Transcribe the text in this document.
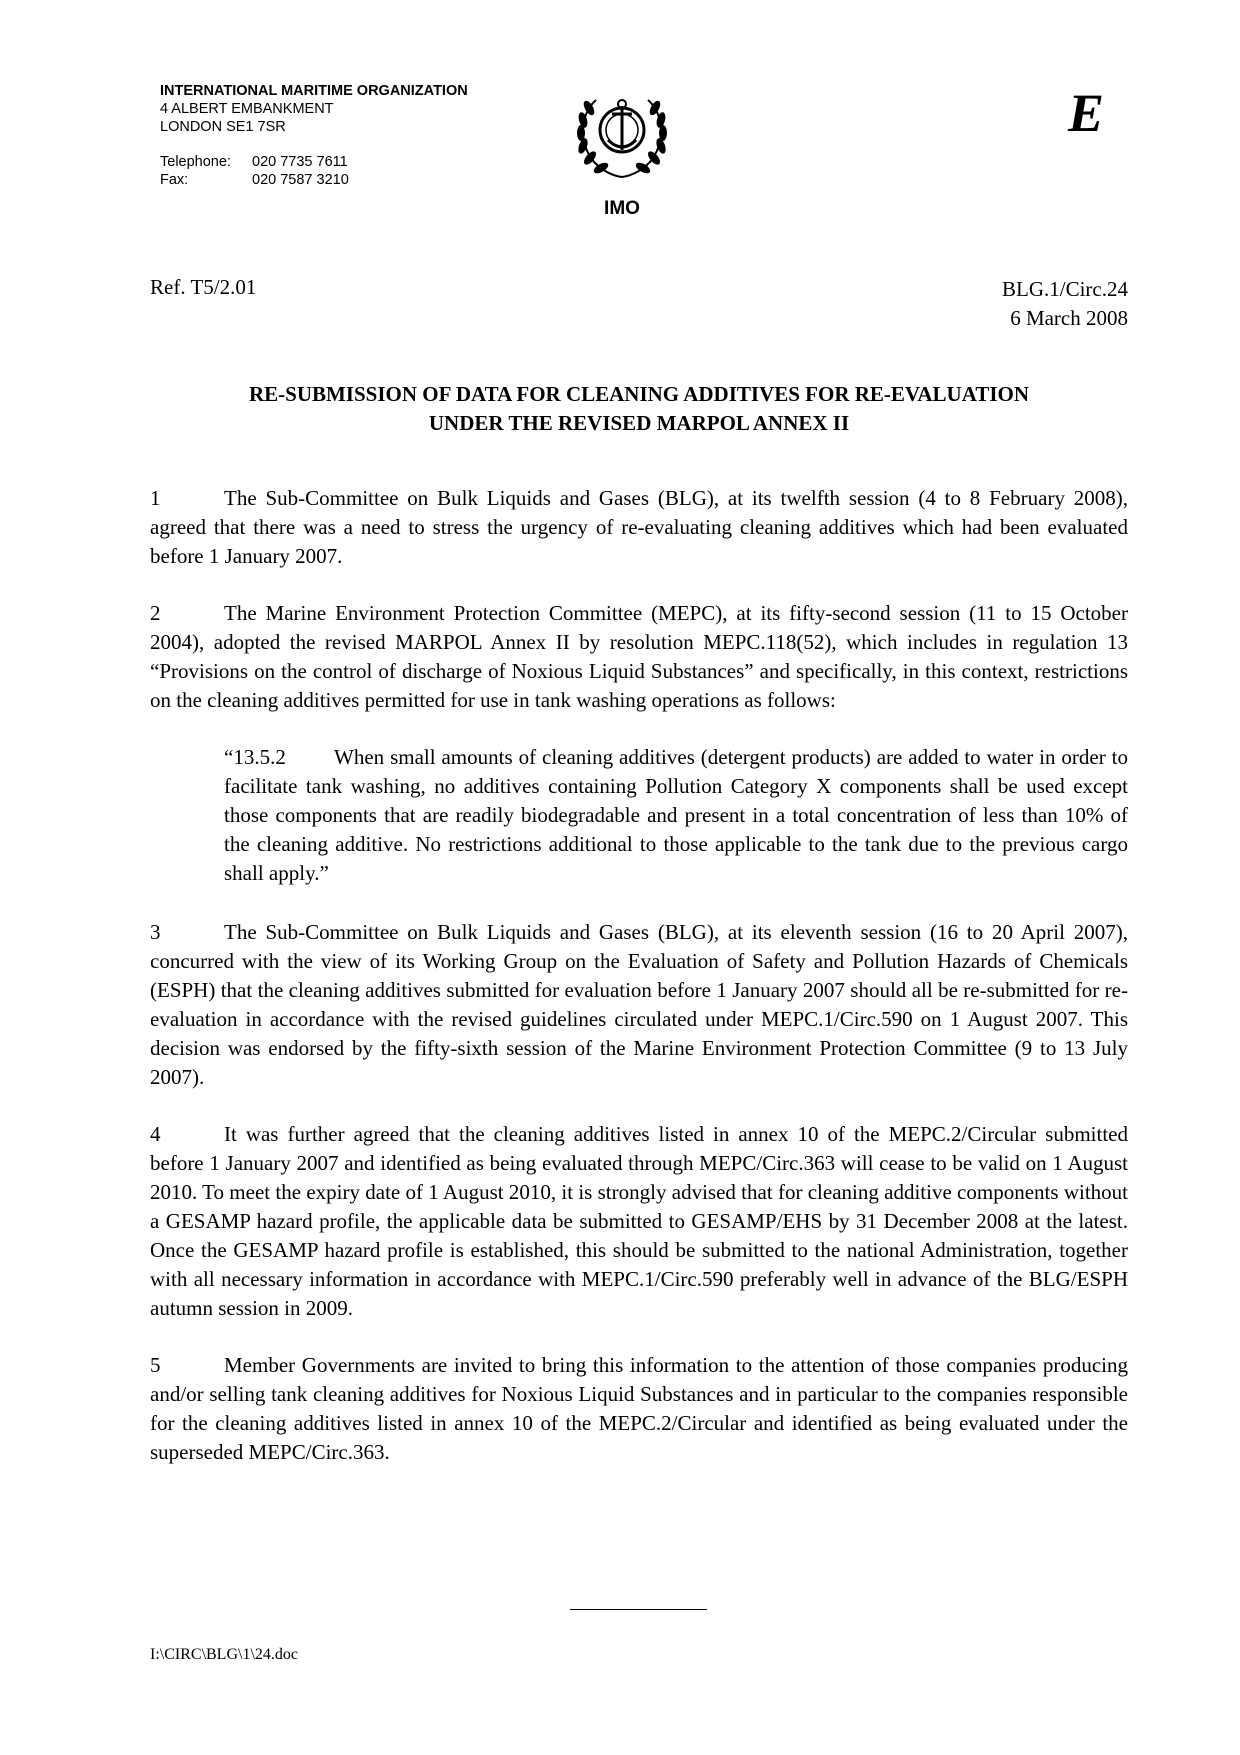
INTERNATIONAL MARITIME ORGANIZATION
4 ALBERT EMBANKMENT
LONDON SE1 7SR
Telephone:	020 7735 7611
Fax:	020 7587 3210
IMO
E
Ref. T5/2.01	BLG.1/Circ.24
6 March 2008
RE-SUBMISSION OF DATA FOR CLEANING ADDITIVES FOR RE-EVALUATION
UNDER THE REVISED MARPOL ANNEX II

1	The Sub-Committee on Bulk Liquids and Gases (BLG), at its twelfth session (4 to 8 February 2008), agreed that there was a need to stress the urgency of re-evaluating cleaning additives which had been evaluated before 1 January 2007.

2	The Marine Environment Protection Committee (MEPC), at its fifty-second session (11 to 15 October 2004), adopted the revised MARPOL Annex II by resolution MEPC.118(52), which includes in regulation 13 “Provisions on the control of discharge of Noxious Liquid Substances” and specifically, in this context, restrictions on the cleaning additives permitted for use in tank washing operations as follows:

“13.5.2 When small amounts of cleaning additives (detergent products) are added to water in order to facilitate tank washing, no additives containing Pollution Category X components shall be used except those components that are readily biodegradable and present in a total concentration of less than 10% of the cleaning additive. No restrictions additional to those applicable to the tank due to the previous cargo shall apply.”

3	The Sub-Committee on Bulk Liquids and Gases (BLG), at its eleventh session (16 to 20 April 2007), concurred with the view of its Working Group on the Evaluation of Safety and Pollution Hazards of Chemicals (ESPH) that the cleaning additives submitted for evaluation before 1 January 2007 should all be re-submitted for re-evaluation in accordance with the revised guidelines circulated under MEPC.1/Circ.590 on 1 August 2007. This decision was endorsed by the fifty-sixth session of the Marine Environment Protection Committee (9 to 13 July 2007).

4	It was further agreed that the cleaning additives listed in annex 10 of the MEPC.2/Circular submitted before 1 January 2007 and identified as being evaluated through MEPC/Circ.363 will cease to be valid on 1 August 2010. To meet the expiry date of 1 August 2010, it is strongly advised that for cleaning additive components without a GESAMP hazard profile, the applicable data be submitted to GESAMP/EHS by 31 December 2008 at the latest. Once the GESAMP hazard profile is established, this should be submitted to the national Administration, together with all necessary information in accordance with MEPC.1/Circ.590 preferably well in advance of the BLG/ESPH autumn session in 2009.

5	Member Governments are invited to bring this information to the attention of those companies producing and/or selling tank cleaning additives for Noxious Liquid Substances and in particular to the companies responsible for the cleaning additives listed in annex 10 of the MEPC.2/Circular and identified as being evaluated under the superseded MEPC/Circ.363.

I:\CIRC\BLG\1\24.doc
